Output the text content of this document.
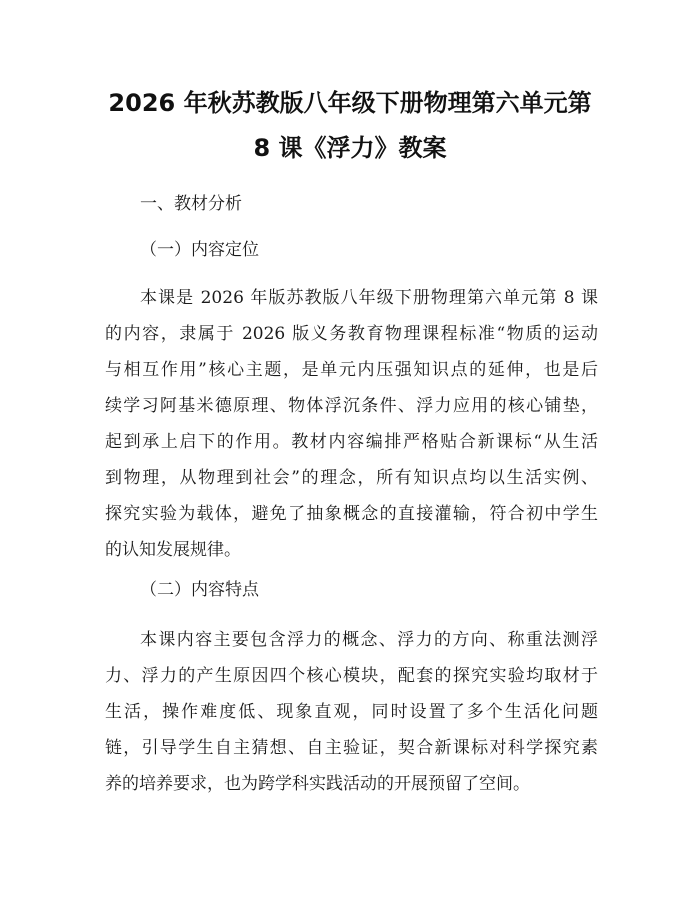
2026 年秋苏教版八年级下册物理第六单元第
8 课《浮力》教案
一、教材分析
（一）内容定位
本课是 2026 年版苏教版八年级下册物理第六单元第 8 课
的内容，隶属于 2026 版义务教育物理课程标准“物质的运动
与相互作用”核心主题，是单元内压强知识点的延伸，也是后
续学习阿基米德原理、物体浮沉条件、浮力应用的核心铺垫，
起到承上启下的作用。教材内容编排严格贴合新课标“从生活
到物理，从物理到社会”的理念，所有知识点均以生活实例、
探究实验为载体，避免了抽象概念的直接灌输，符合初中学生
的认知发展规律。
（二）内容特点
本课内容主要包含浮力的概念、浮力的方向、称重法测浮
力、浮力的产生原因四个核心模块，配套的探究实验均取材于
生活，操作难度低、现象直观，同时设置了多个生活化问题
链，引导学生自主猜想、自主验证，契合新课标对科学探究素
养的培养要求，也为跨学科实践活动的开展预留了空间。
